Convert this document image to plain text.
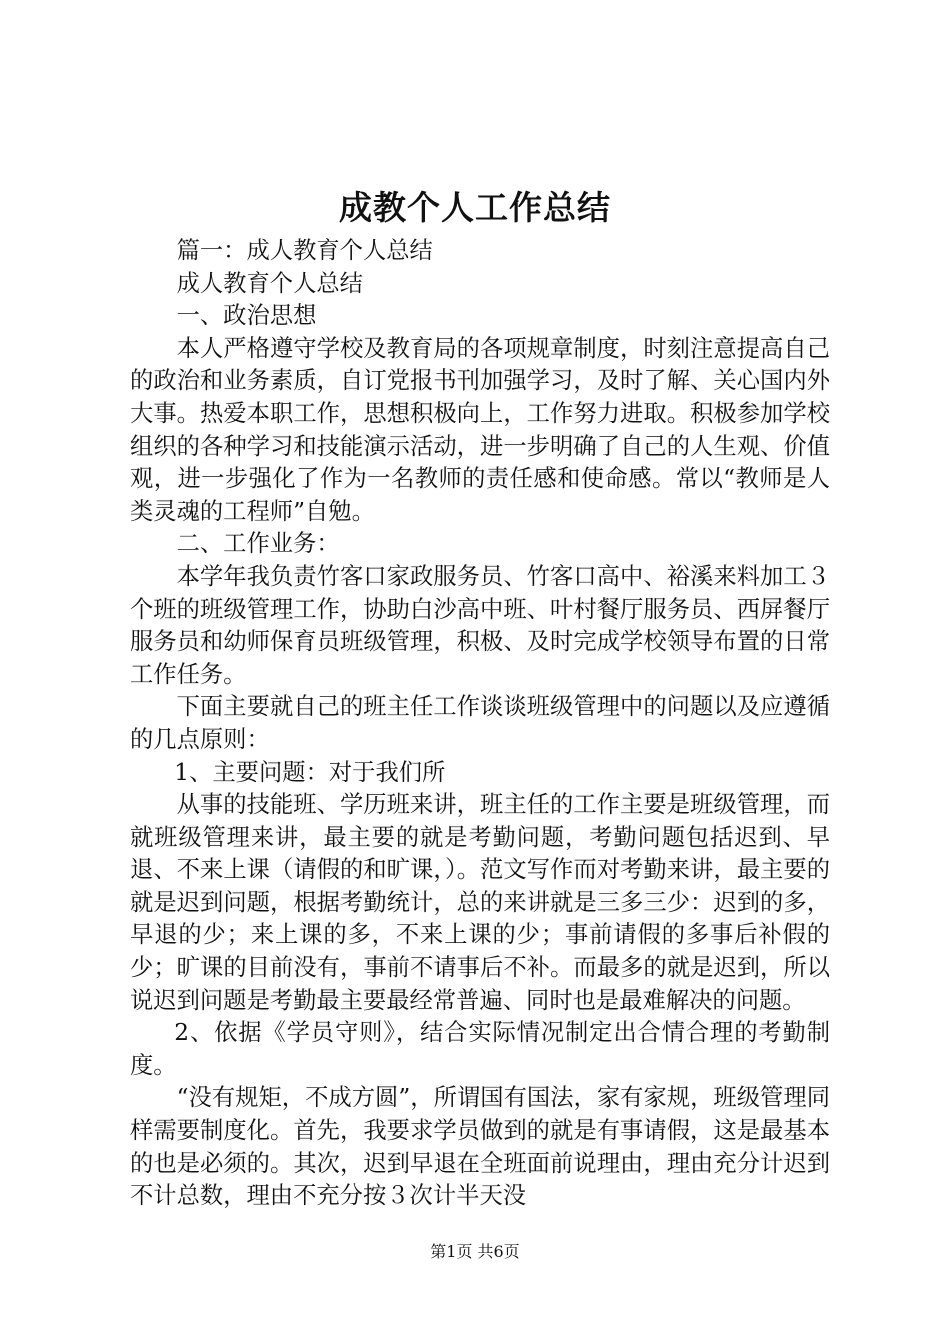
成教个人工作总结

篇一：成人教育个人总结

成人教育个人总结

一、政治思想

本人严格遵守学校及教育局的各项规章制度，时刻注意提高自己的政治和业务素质，自订党报书刊加强学习，及时了解、关心国内外大事。热爱本职工作，思想积极向上，工作努力进取。积极参加学校组织的各种学习和技能演示活动，进一步明确了自己的人生观、价值观，进一步强化了作为一名教师的责任感和使命感。常以“教师是人类灵魂的工程师”自勉。

二、工作业务：

本学年我负责竹客口家政服务员、竹客口高中、裕溪来料加工３个班的班级管理工作，协助白沙高中班、叶村餐厅服务员、西屏餐厅服务员和幼师保育员班级管理，积极、及时完成学校领导布置的日常工作任务。

下面主要就自己的班主任工作谈谈班级管理中的问题以及应遵循的几点原则：

1、主要问题：对于我们所

从事的技能班、学历班来讲，班主任的工作主要是班级管理，而就班级管理来讲，最主要的就是考勤问题，考勤问题包括迟到、早退、不来上课（请假的和旷课，）。范文写作而对考勤来讲，最主要的就是迟到问题，根据考勤统计，总的来讲就是三多三少：迟到的多，早退的少；来上课的多，不来上课的少；事前请假的多事后补假的少；旷课的目前没有，事前不请事后不补。而最多的就是迟到，所以说迟到问题是考勤最主要最经常普遍、同时也是最难解决的问题。

2、依据《学员守则》，结合实际情况制定出合情合理的考勤制度。

“没有规矩，不成方圆”，所谓国有国法，家有家规，班级管理同样需要制度化。首先，我要求学员做到的就是有事请假，这是最基本的也是必须的。其次，迟到早退在全班面前说理由，理由充分计迟到不计总数，理由不充分按３次计半天没

第1页 共6页
